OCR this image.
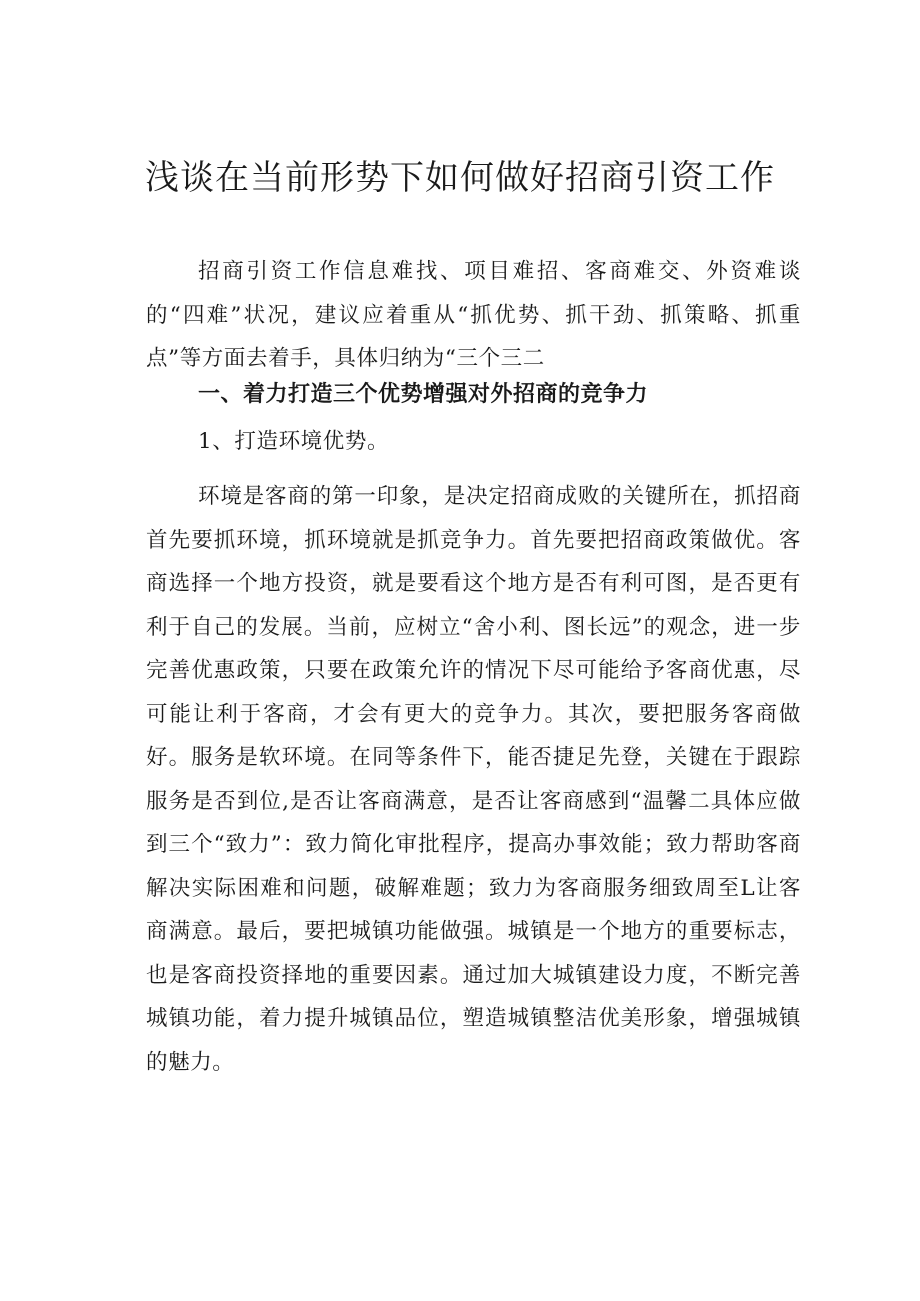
浅谈在当前形势下如何做好招商引资工作

招商引资工作信息难找、项目难招、客商难交、外资难谈的“四难”状况，建议应着重从“抓优势、抓干劲、抓策略、抓重点”等方面去着手，具体归纳为“三个三二

一、着力打造三个优势增强对外招商的竞争力

1、打造环境优势。

环境是客商的第一印象，是决定招商成败的关键所在，抓招商首先要抓环境，抓环境就是抓竞争力。首先要把招商政策做优。客商选择一个地方投资，就是要看这个地方是否有利可图，是否更有利于自己的发展。当前，应树立“舍小利、图长远”的观念，进一步完善优惠政策，只要在政策允许的情况下尽可能给予客商优惠，尽可能让利于客商，才会有更大的竞争力。其次，要把服务客商做好。服务是软环境。在同等条件下，能否捷足先登，关键在于跟踪服务是否到位,是否让客商满意，是否让客商感到“温馨二具体应做到三个“致力”：致力简化审批程序，提高办事效能；致力帮助客商解决实际困难和问题，破解难题；致力为客商服务细致周至L让客商满意。最后，要把城镇功能做强。城镇是一个地方的重要标志，也是客商投资择地的重要因素。通过加大城镇建设力度，不断完善城镇功能，着力提升城镇品位，塑造城镇整洁优美形象，增强城镇的魅力。
